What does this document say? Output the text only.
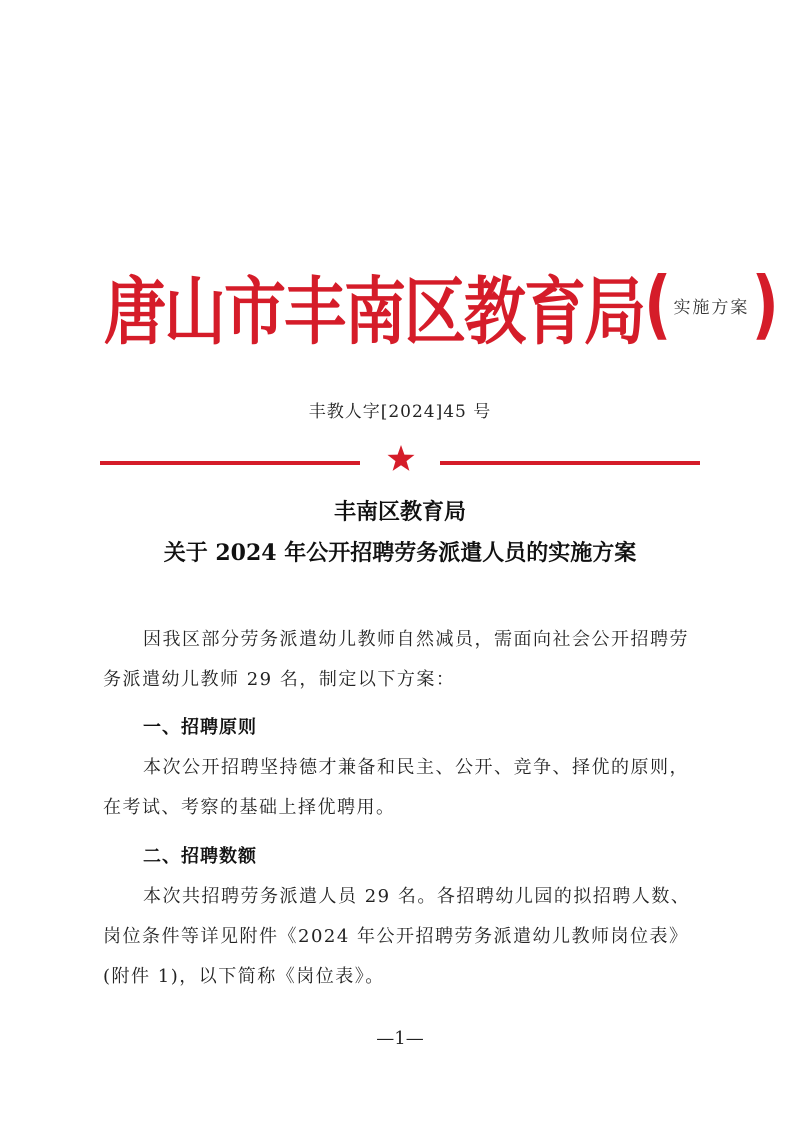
唐山市丰南区教育局 ( 实施方案 )
丰教人字[2024]45 号
丰南区教育局
关于 2024 年公开招聘劳务派遣人员的实施方案
因我区部分劳务派遣幼儿教师自然减员，需面向社会公开招聘劳务派遣幼儿教师 29 名，制定以下方案：
一、招聘原则
本次公开招聘坚持德才兼备和民主、公开、竞争、择优的原则，在考试、考察的基础上择优聘用。
二、招聘数额
本次共招聘劳务派遣人员 29 名。各招聘幼儿园的拟招聘人数、岗位条件等详见附件《2024 年公开招聘劳务派遣幼儿教师岗位表》(附件 1)，以下简称《岗位表》。
—1—
